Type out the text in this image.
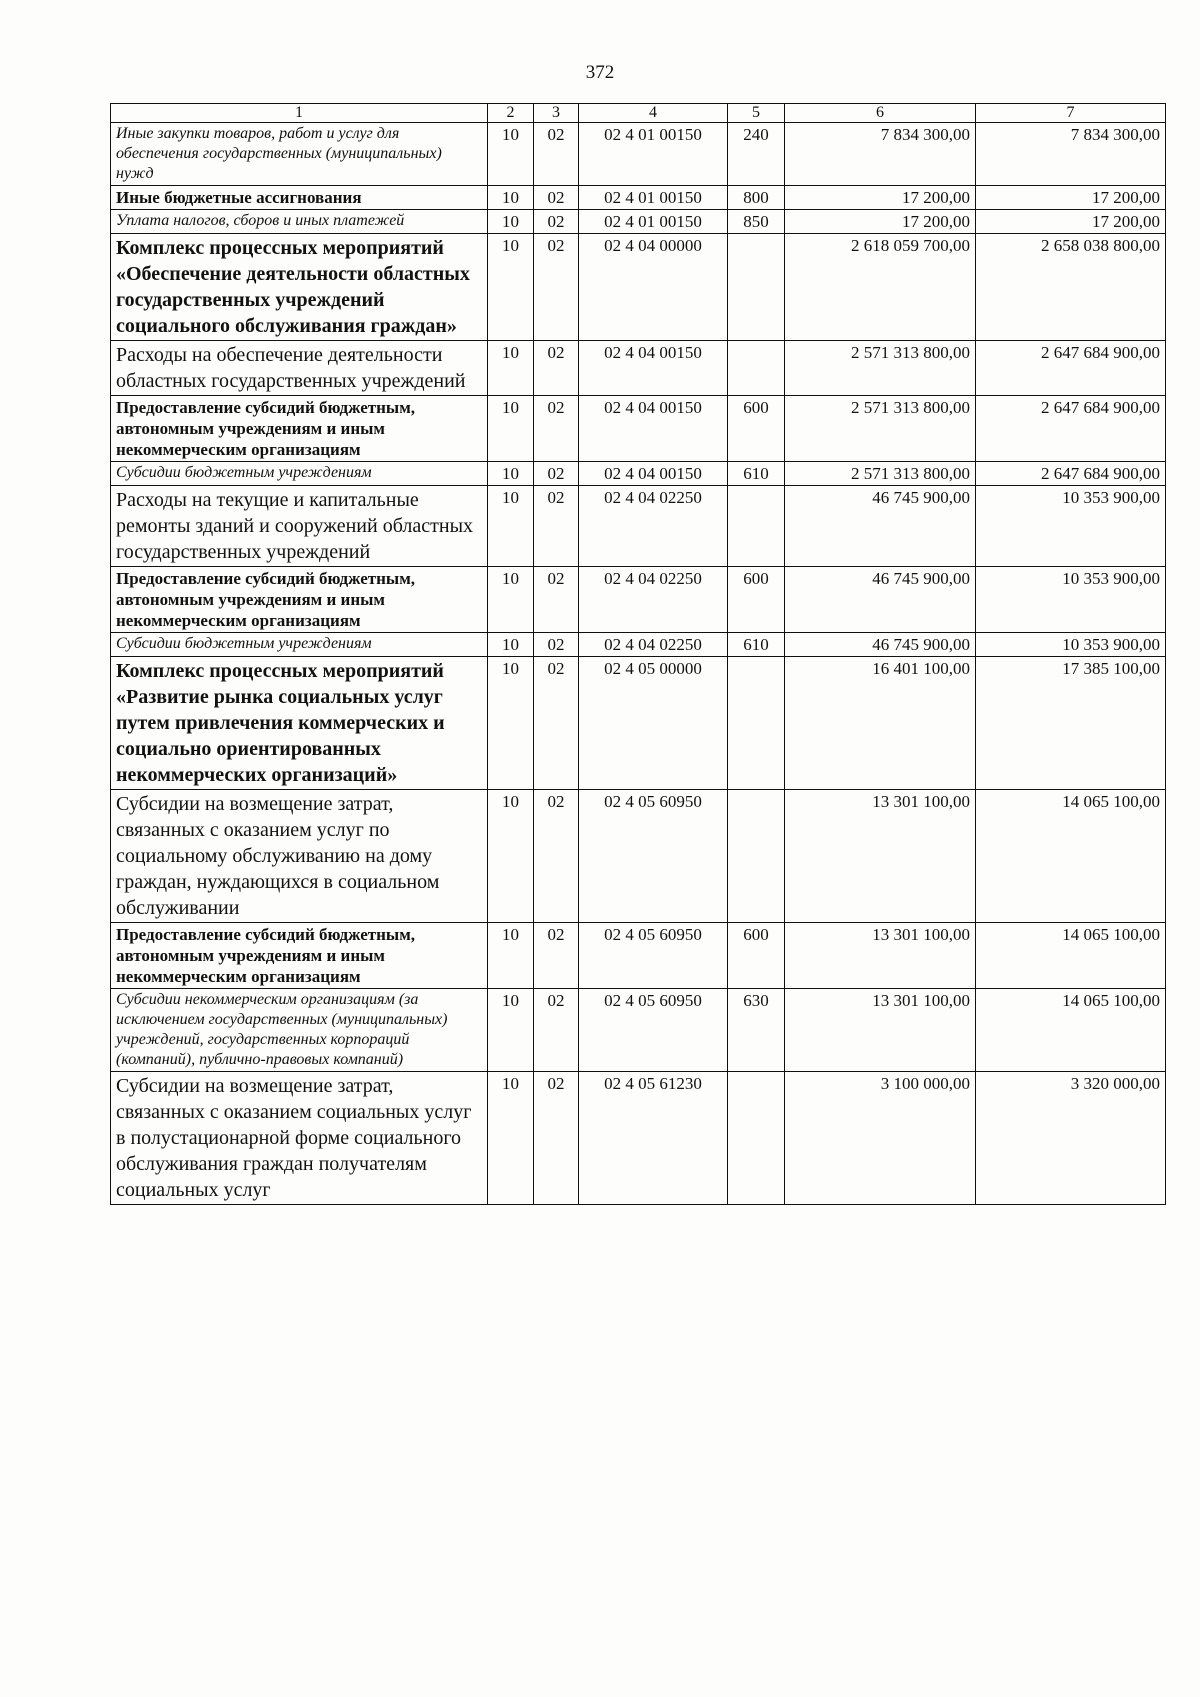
372
1	2	3	4	5	6	7
Иные закупки товаров, работ и услуг для обеспечения государственных (муниципальных) нужд	10	02	02 4 01 00150	240	7 834 300,00	7 834 300,00
Иные бюджетные ассигнования	10	02	02 4 01 00150	800	17 200,00	17 200,00
Уплата налогов, сборов и иных платежей	10	02	02 4 01 00150	850	17 200,00	17 200,00
Комплекс процессных мероприятий «Обеспечение деятельности областных государственных учреждений социального обслуживания граждан»	10	02	02 4 04 00000		2 618 059 700,00	2 658 038 800,00
Расходы на обеспечение деятельности областных государственных учреждений	10	02	02 4 04 00150		2 571 313 800,00	2 647 684 900,00
Предоставление субсидий бюджетным, автономным учреждениям и иным некоммерческим организациям	10	02	02 4 04 00150	600	2 571 313 800,00	2 647 684 900,00
Субсидии бюджетным учреждениям	10	02	02 4 04 00150	610	2 571 313 800,00	2 647 684 900,00
Расходы на текущие и капитальные ремонты зданий и сооружений областных государственных учреждений	10	02	02 4 04 02250		46 745 900,00	10 353 900,00
Предоставление субсидий бюджетным, автономным учреждениям и иным некоммерческим организациям	10	02	02 4 04 02250	600	46 745 900,00	10 353 900,00
Субсидии бюджетным учреждениям	10	02	02 4 04 02250	610	46 745 900,00	10 353 900,00
Комплекс процессных мероприятий «Развитие рынка социальных услуг путем привлечения коммерческих и социально ориентированных некоммерческих организаций»	10	02	02 4 05 00000		16 401 100,00	17 385 100,00
Субсидии на возмещение затрат, связанных с оказанием услуг по социальному обслуживанию на дому граждан, нуждающихся в социальном обслуживании	10	02	02 4 05 60950		13 301 100,00	14 065 100,00
Предоставление субсидий бюджетным, автономным учреждениям и иным некоммерческим организациям	10	02	02 4 05 60950	600	13 301 100,00	14 065 100,00
Субсидии некоммерческим организациям (за исключением государственных (муниципальных) учреждений, государственных корпораций (компаний), публично-правовых компаний)	10	02	02 4 05 60950	630	13 301 100,00	14 065 100,00
Субсидии на возмещение затрат, связанных с оказанием социальных услуг в полустационарной форме социального обслуживания граждан получателям социальных услуг	10	02	02 4 05 61230		3 100 000,00	3 320 000,00
